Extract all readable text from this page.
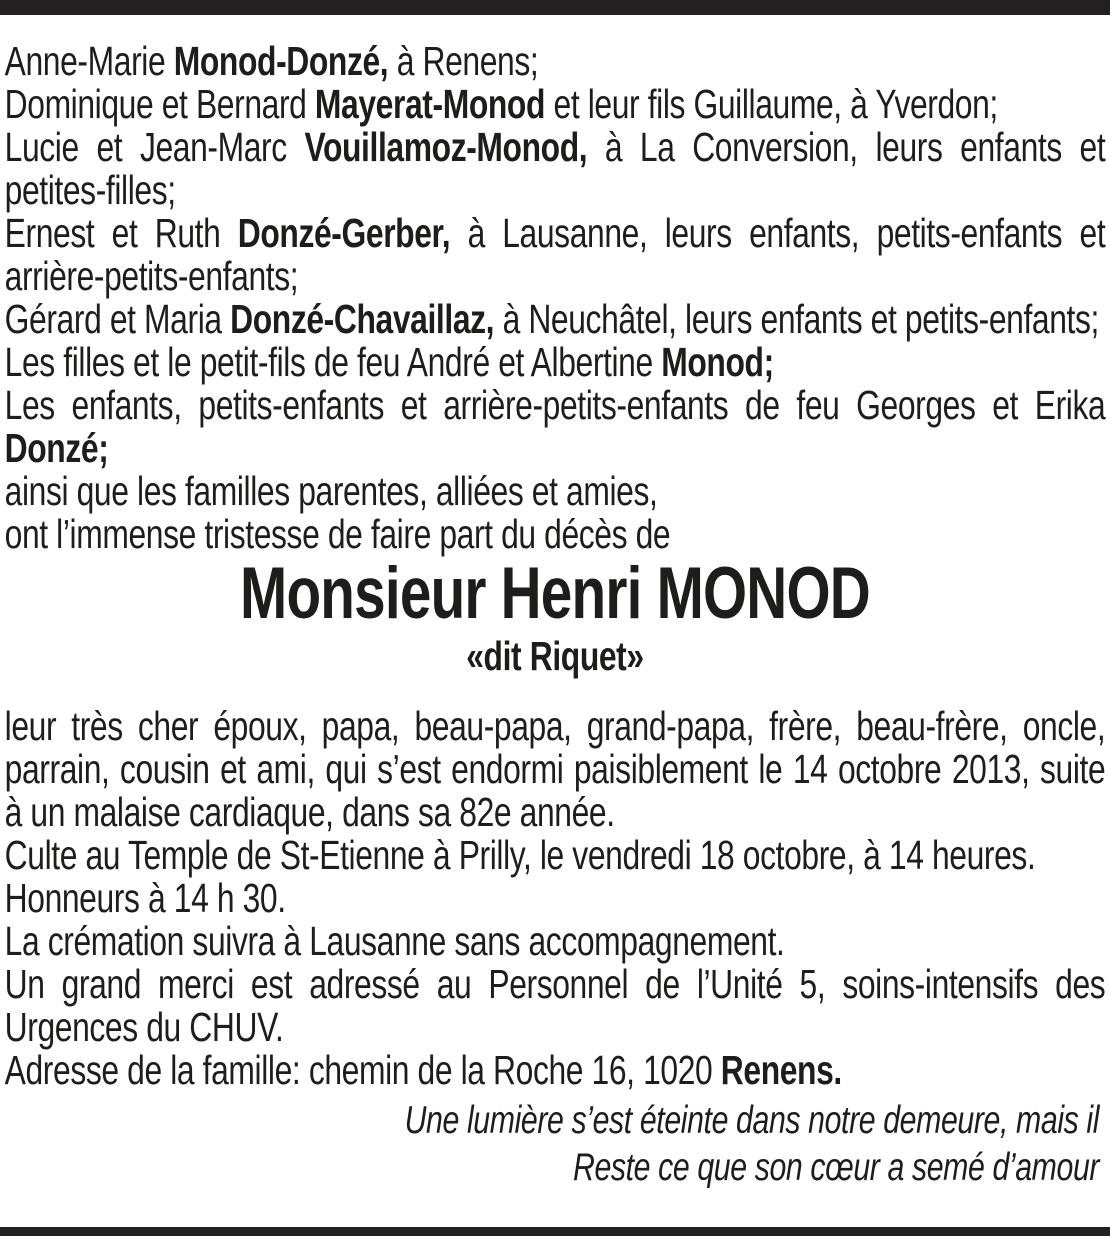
Anne-Marie Monod-Donzé, à Renens;

Dominique et Bernard Mayerat-Monod et leur fils Guillaume, à Yverdon;

Lucie et Jean-Marc Vouillamoz-Monod, à La Conversion, leurs enfants et petites-filles;

Ernest et Ruth Donzé-Gerber, à Lausanne, leurs enfants, petits-enfants et arrière-petits-enfants;

Gérard et Maria Donzé-Chavaillaz, à Neuchâtel, leurs enfants et petits-enfants;

Les filles et le petit-fils de feu André et Albertine Monod;

Les enfants, petits-enfants et arrière-petits-enfants de feu Georges et Erika Donzé;

ainsi que les familles parentes, alliées et amies,

ont l’immense tristesse de faire part du décès de

Monsieur Henri MONOD

«dit Riquet»

leur très cher époux, papa, beau-papa, grand-papa, frère, beau-frère, oncle, parrain, cousin et ami, qui s’est endormi paisiblement le 14 octobre 2013, suite à un malaise cardiaque, dans sa 82e année.

Culte au Temple de St-Etienne à Prilly, le vendredi 18 octobre, à 14 heures.

Honneurs à 14 h 30.

La crémation suivra à Lausanne sans accompagnement.

Un grand merci est adressé au Personnel de l’Unité 5, soins-intensifs des Urgences du CHUV.

Adresse de la famille: chemin de la Roche 16, 1020 Renens.

Une lumière s’est éteinte dans notre demeure, mais il

Reste ce que son cœur a semé d’amour
